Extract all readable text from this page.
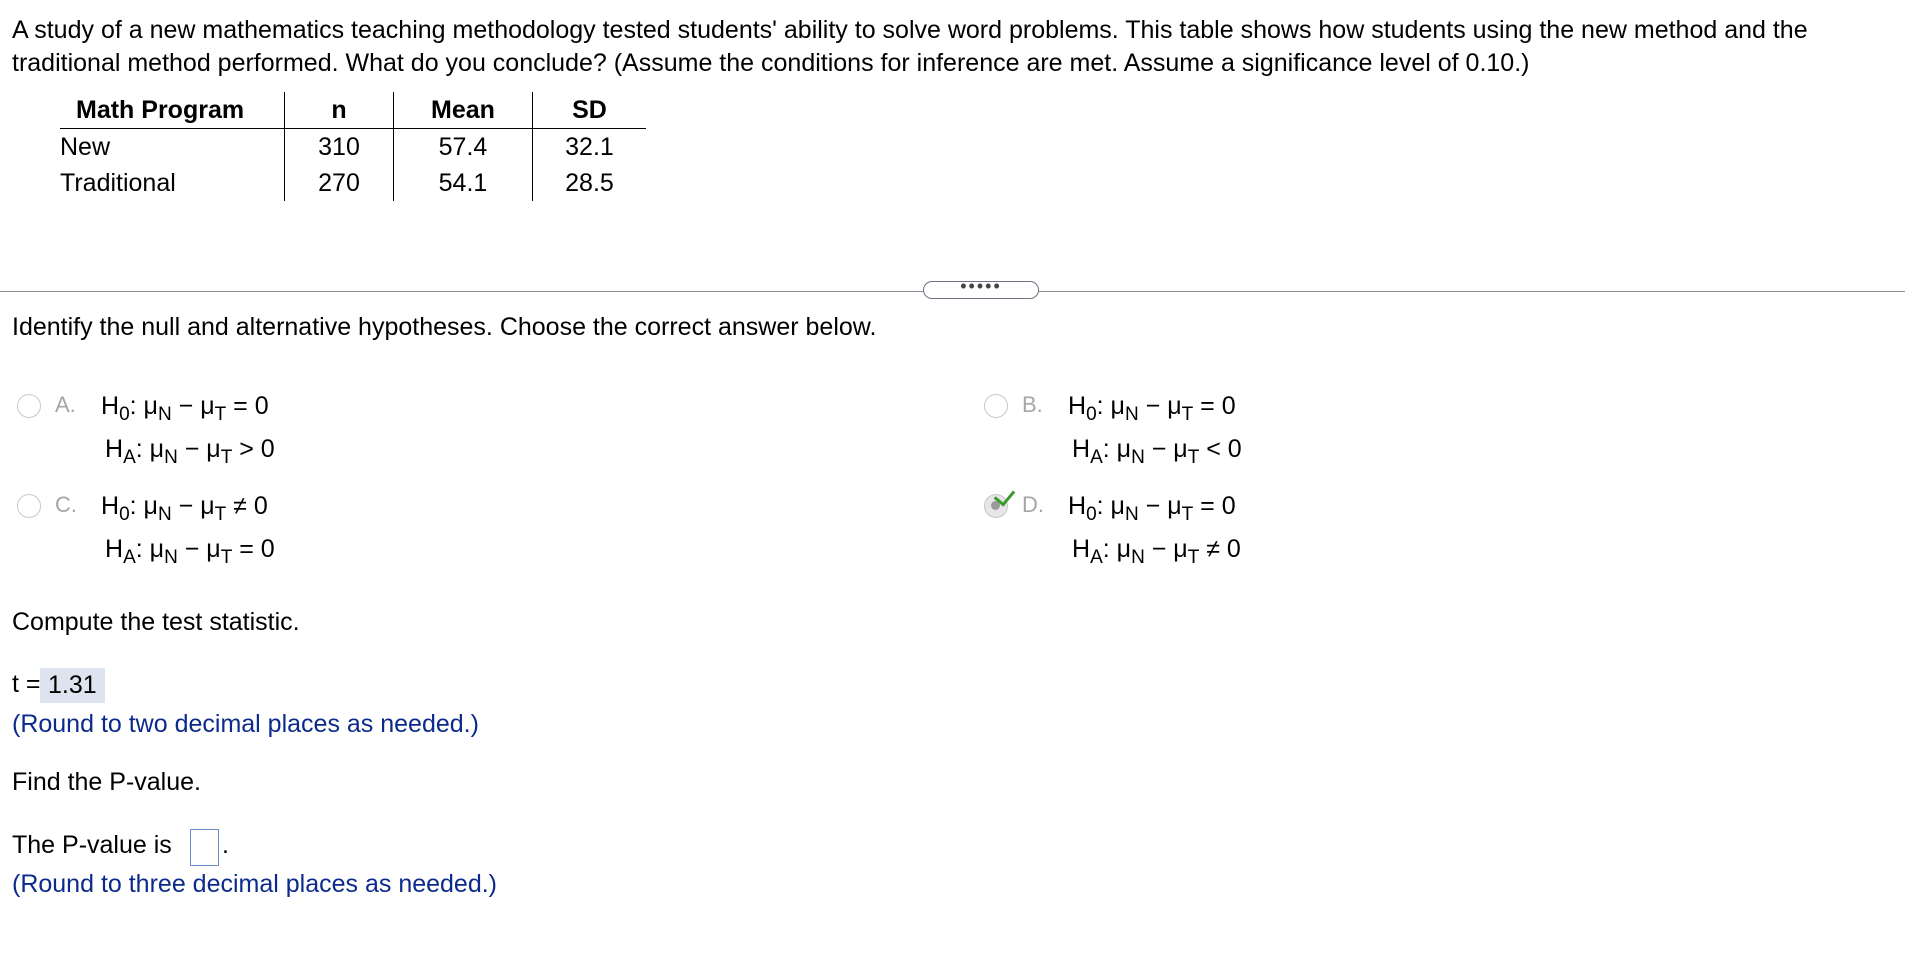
A study of a new mathematics teaching methodology tested students' ability to solve word problems. This table shows how students using the new method and the
traditional method performed. What do you conclude? (Assume the conditions for inference are met. Assume a significance level of 0.10.)
Math Program	n	Mean	SD
New	310	57.4	32.1
Traditional	270	54.1	28.5
•••••
Identify the null and alternative hypotheses. Choose the correct answer below.
A. $H_0$: $\mu_N - \mu_T = 0$
$H_A$: $\mu_N - \mu_T > 0$
B. $H_0$: $\mu_N - \mu_T = 0$
$H_A$: $\mu_N - \mu_T < 0$
C. $H_0$: $\mu_N - \mu_T \ne 0$
$H_A$: $\mu_N - \mu_T = 0$
D. $H_0$: $\mu_N - \mu_T = 0$
$H_A$: $\mu_N - \mu_T \ne 0$
Compute the test statistic.
t = 1.31
(Round to two decimal places as needed.)
Find the P-value.
The P-value is .
(Round to three decimal places as needed.)
